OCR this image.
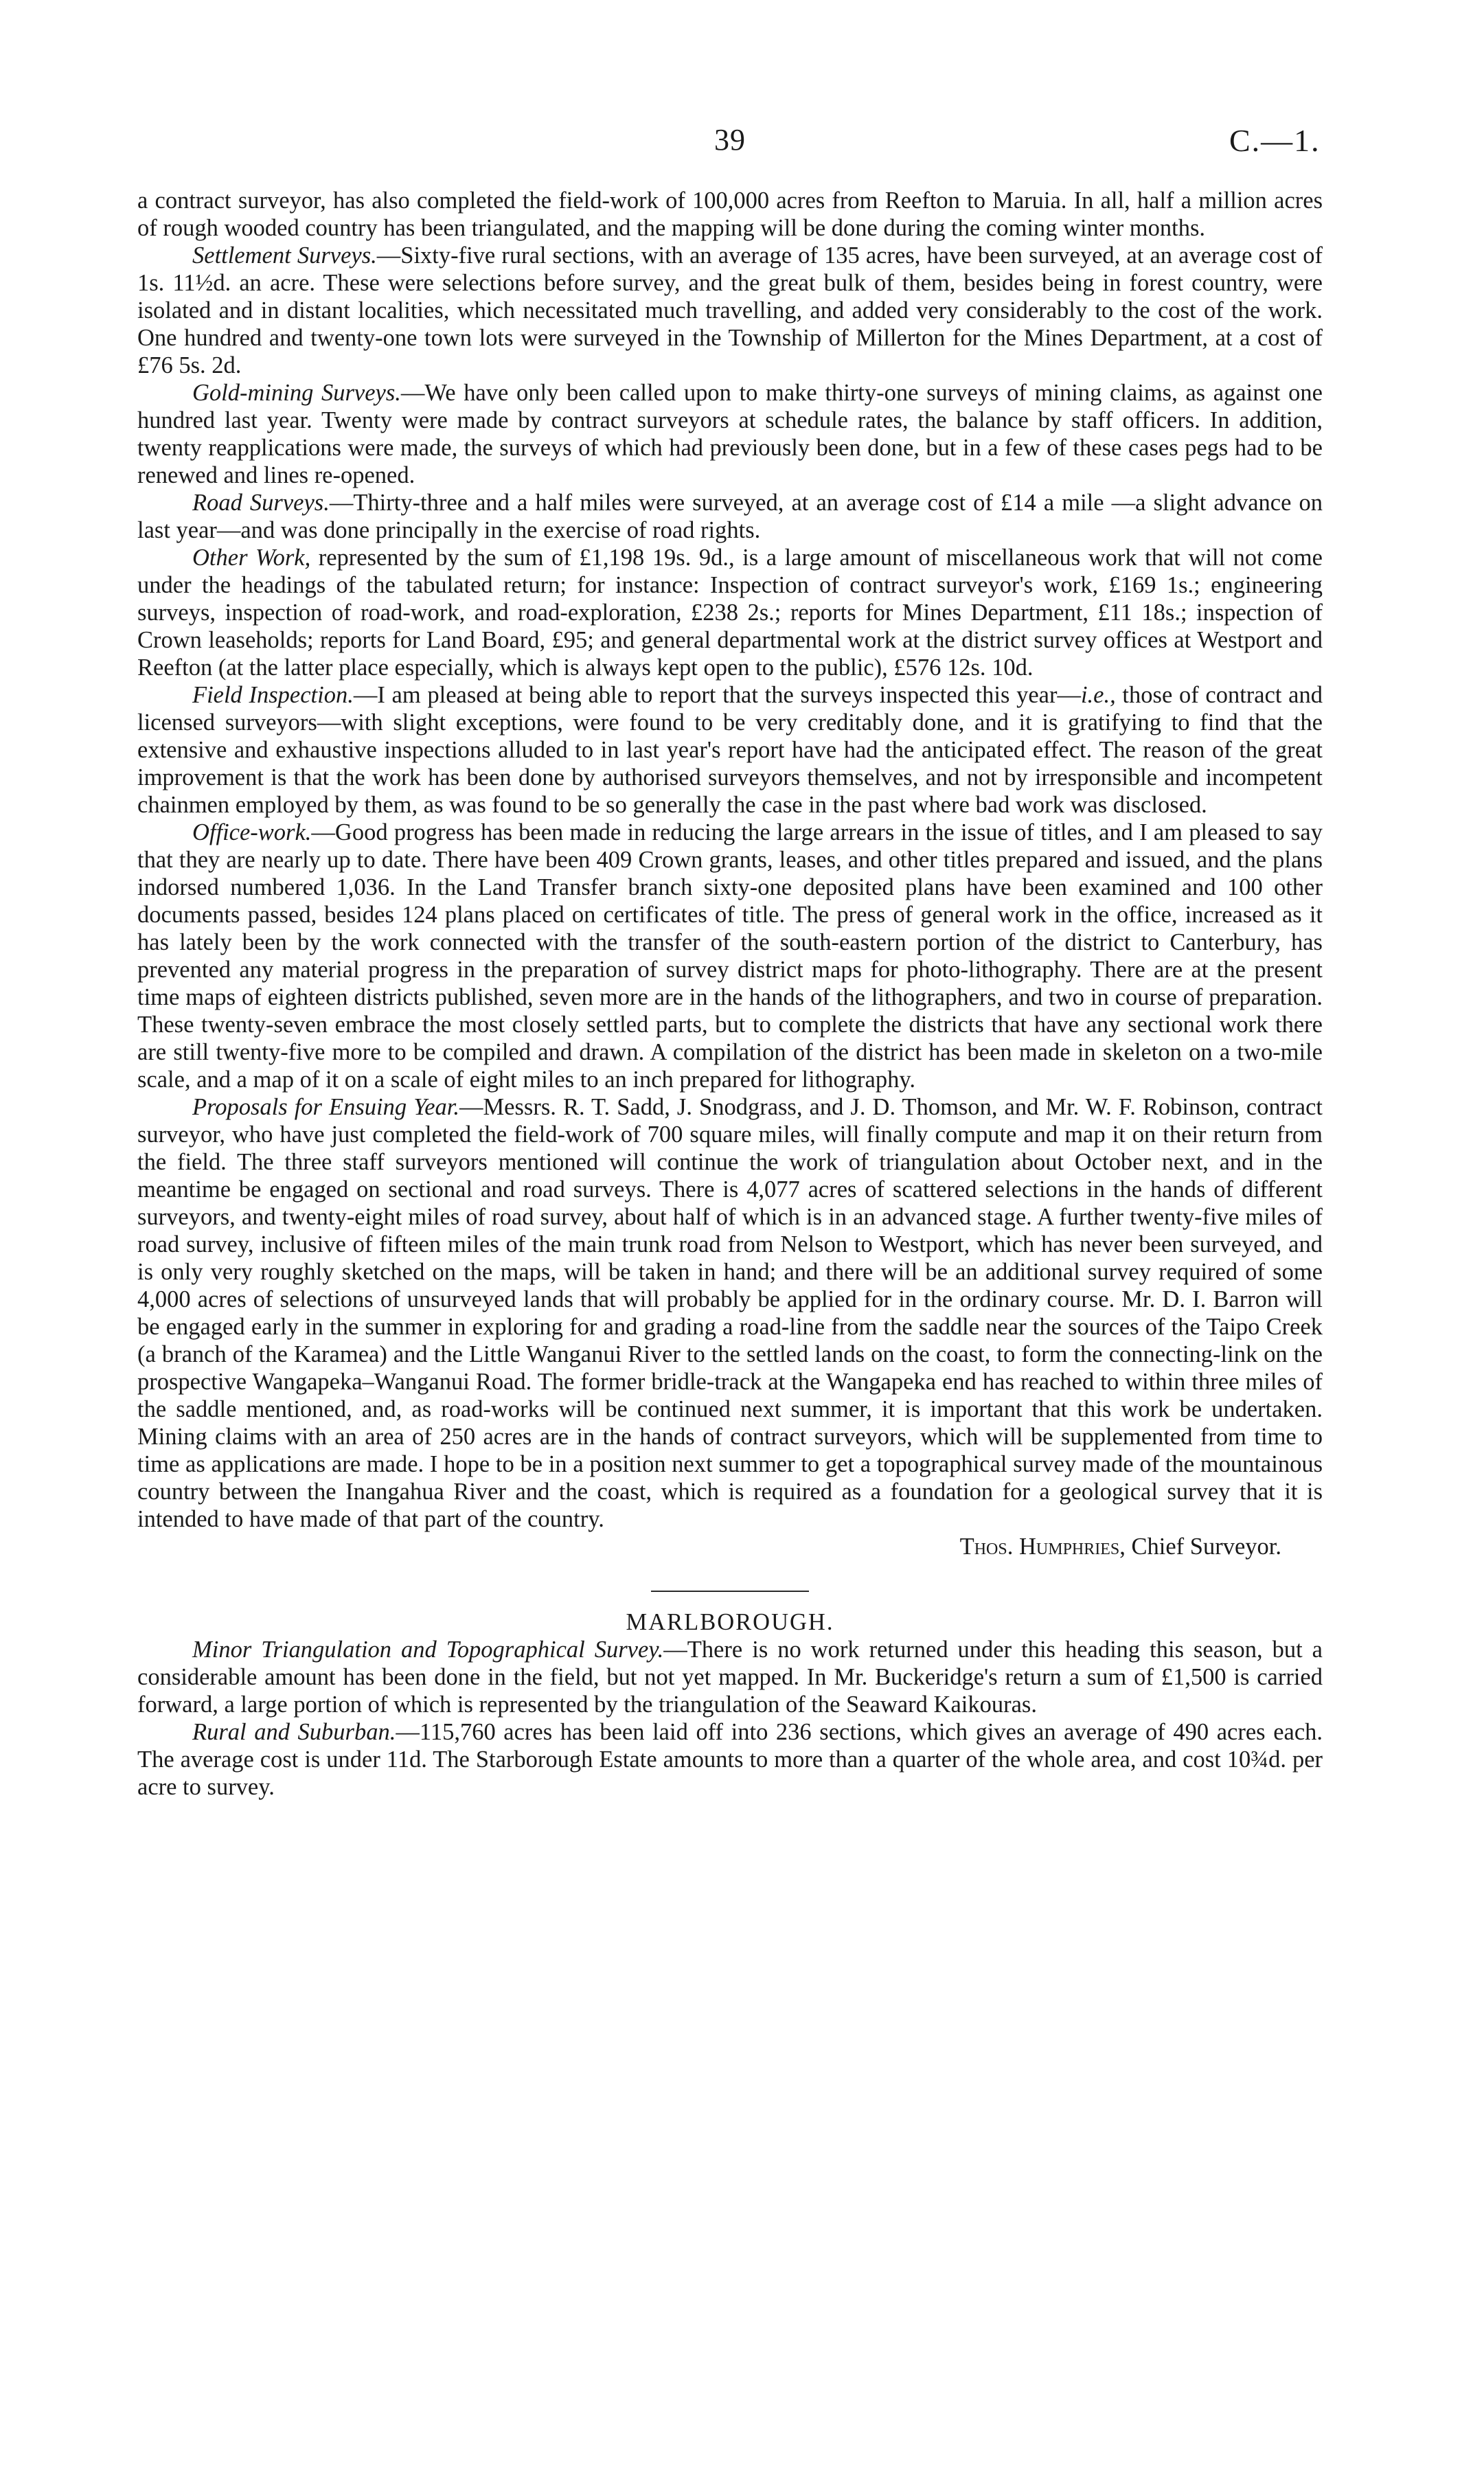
39	C.—1.

a contract surveyor, has also completed the field-work of 100,000 acres from Reefton to Maruia. In all, half a million acres of rough wooded country has been triangulated, and the mapping will be done during the coming winter months.

Settlement Surveys.—Sixty-five rural sections, with an average of 135 acres, have been surveyed, at an average cost of 1s. 11½d. an acre. These were selections before survey, and the great bulk of them, besides being in forest country, were isolated and in distant localities, which necessitated much travelling, and added very considerably to the cost of the work. One hundred and twenty-one town lots were surveyed in the Township of Millerton for the Mines Department, at a cost of £76 5s. 2d.

Gold-mining Surveys.—We have only been called upon to make thirty-one surveys of mining claims, as against one hundred last year. Twenty were made by contract surveyors at schedule rates, the balance by staff officers. In addition, twenty reapplications were made, the surveys of which had previously been done, but in a few of these cases pegs had to be renewed and lines re-opened.

Road Surveys.—Thirty-three and a half miles were surveyed, at an average cost of £14 a mile —a slight advance on last year—and was done principally in the exercise of road rights.

Other Work, represented by the sum of £1,198 19s. 9d., is a large amount of miscellaneous work that will not come under the headings of the tabulated return; for instance: Inspection of contract surveyor's work, £169 1s.; engineering surveys, inspection of road-work, and road-exploration, £238 2s.; reports for Mines Department, £11 18s.; inspection of Crown leaseholds; reports for Land Board, £95; and general departmental work at the district survey offices at Westport and Reefton (at the latter place especially, which is always kept open to the public), £576 12s. 10d.

Field Inspection.—I am pleased at being able to report that the surveys inspected this year—i.e., those of contract and licensed surveyors—with slight exceptions, were found to be very creditably done, and it is gratifying to find that the extensive and exhaustive inspections alluded to in last year's report have had the anticipated effect. The reason of the great improvement is that the work has been done by authorised surveyors themselves, and not by irresponsible and incompetent chainmen employed by them, as was found to be so generally the case in the past where bad work was disclosed.

Office-work.—Good progress has been made in reducing the large arrears in the issue of titles, and I am pleased to say that they are nearly up to date. There have been 409 Crown grants, leases, and other titles prepared and issued, and the plans indorsed numbered 1,036. In the Land Transfer branch sixty-one deposited plans have been examined and 100 other documents passed, besides 124 plans placed on certificates of title. The press of general work in the office, increased as it has lately been by the work connected with the transfer of the south-eastern portion of the district to Canterbury, has prevented any material progress in the preparation of survey district maps for photo-lithography. There are at the present time maps of eighteen districts published, seven more are in the hands of the lithographers, and two in course of preparation. These twenty-seven embrace the most closely settled parts, but to complete the districts that have any sectional work there are still twenty-five more to be compiled and drawn. A compilation of the district has been made in skeleton on a two-mile scale, and a map of it on a scale of eight miles to an inch prepared for lithography.

Proposals for Ensuing Year.—Messrs. R. T. Sadd, J. Snodgrass, and J. D. Thomson, and Mr. W. F. Robinson, contract surveyor, who have just completed the field-work of 700 square miles, will finally compute and map it on their return from the field. The three staff surveyors mentioned will continue the work of triangulation about October next, and in the meantime be engaged on sectional and road surveys. There is 4,077 acres of scattered selections in the hands of different surveyors, and twenty-eight miles of road survey, about half of which is in an advanced stage. A further twenty-five miles of road survey, inclusive of fifteen miles of the main trunk road from Nelson to Westport, which has never been surveyed, and is only very roughly sketched on the maps, will be taken in hand; and there will be an additional survey required of some 4,000 acres of selections of unsurveyed lands that will probably be applied for in the ordinary course. Mr. D. I. Barron will be engaged early in the summer in exploring for and grading a road-line from the saddle near the sources of the Taipo Creek (a branch of the Karamea) and the Little Wanganui River to the settled lands on the coast, to form the connecting-link on the prospective Wangapeka–Wanganui Road. The former bridle-track at the Wangapeka end has reached to within three miles of the saddle mentioned, and, as road-works will be continued next summer, it is important that this work be undertaken. Mining claims with an area of 250 acres are in the hands of contract surveyors, which will be supplemented from time to time as applications are made. I hope to be in a position next summer to get a topographical survey made of the mountainous country between the Inangahua River and the coast, which is required as a foundation for a geological survey that it is intended to have made of that part of the country.

Thos. Humphries, Chief Surveyor.

MARLBOROUGH.

Minor Triangulation and Topographical Survey.—There is no work returned under this heading this season, but a considerable amount has been done in the field, but not yet mapped. In Mr. Buckeridge's return a sum of £1,500 is carried forward, a large portion of which is represented by the triangulation of the Seaward Kaikouras.

Rural and Suburban.—115,760 acres has been laid off into 236 sections, which gives an average of 490 acres each. The average cost is under 11d. The Starborough Estate amounts to more than a quarter of the whole area, and cost 10¾d. per acre to survey.
